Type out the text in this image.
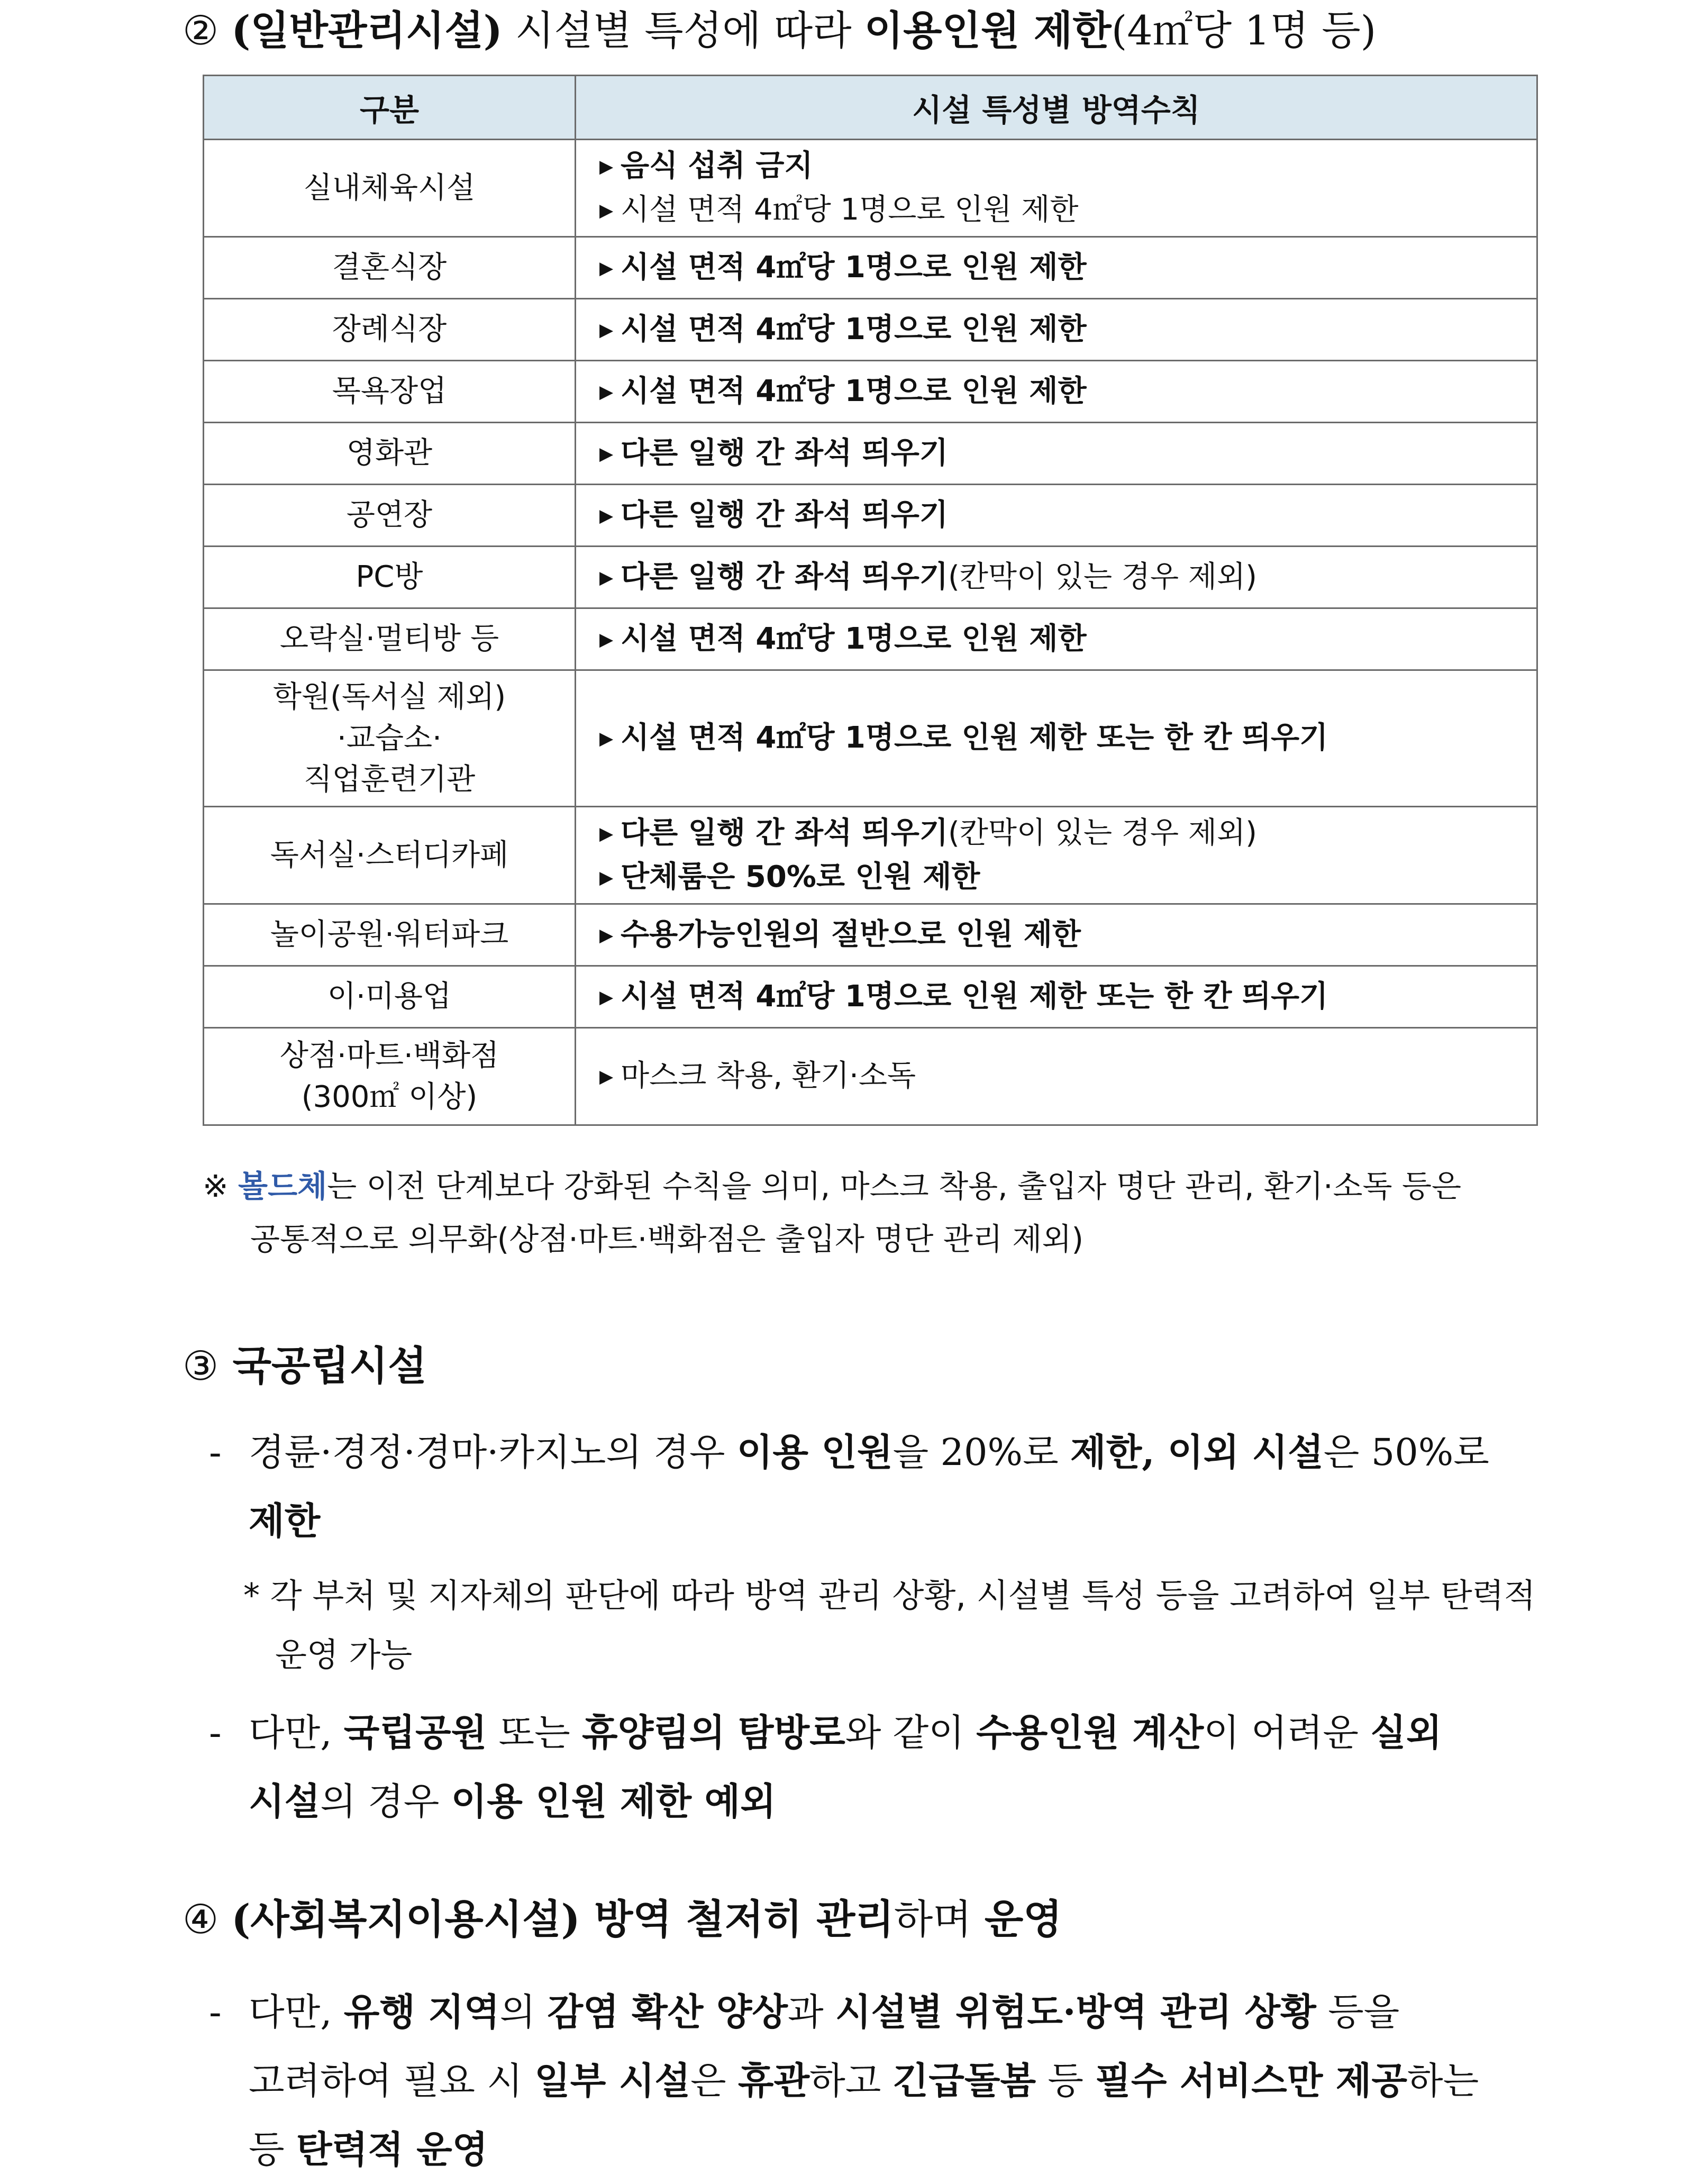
② (일반관리시설) 시설별 특성에 따라 이용인원 제한(4㎡당 1명 등)
구분	시설 특성별 방역수칙
실내체육시설	▶ 음식 섭취 금지
▶ 시설 면적 4㎡당 1명으로 인원 제한

결혼식장	▶ 시설 면적 4㎡당 1명으로 인원 제한
장례식장	▶ 시설 면적 4㎡당 1명으로 인원 제한
목욕장업	▶ 시설 면적 4㎡당 1명으로 인원 제한
영화관	▶ 다른 일행 간 좌석 띄우기
공연장	▶ 다른 일행 간 좌석 띄우기
PC방	▶ 다른 일행 간 좌석 띄우기(칸막이 있는 경우 제외)
오락실·멀티방 등	▶ 시설 면적 4㎡당 1명으로 인원 제한
학원(독서실 제외)
·교습소·
직업훈련기관	▶ 시설 면적 4㎡당 1명으로 인원 제한 또는 한 칸 띄우기
독서실·스터디카페	▶ 다른 일행 간 좌석 띄우기(칸막이 있는 경우 제외)
▶ 단체룸은 50%로 인원 제한

놀이공원·워터파크	▶ 수용가능인원의 절반으로 인원 제한
이·미용업	▶ 시설 면적 4㎡당 1명으로 인원 제한 또는 한 칸 띄우기
상점·마트·백화점
(300㎡ 이상)	▶ 마스크 착용, 환기·소독
※ 볼드체는 이전 단계보다 강화된 수칙을 의미, 마스크 착용, 출입자 명단 관리, 환기·소독 등은
공통적으로 의무화(상점·마트·백화점은 출입자 명단 관리 제외)
③ 국공립시설
- 경륜·경정·경마·카지노의 경우 이용 인원을 20%로 제한, 이외 시설은 50%로
제한
* 각 부처 및 지자체의 판단에 따라 방역 관리 상황, 시설별 특성 등을 고려하여 일부 탄력적
운영 가능
- 다만, 국립공원 또는 휴양림의 탐방로와 같이 수용인원 계산이 어려운 실외
시설의 경우 이용 인원 제한 예외
④ (사회복지이용시설) 방역 철저히 관리하며 운영
- 다만, 유행 지역의 감염 확산 양상과 시설별 위험도·방역 관리 상황 등을
고려하여 필요 시 일부 시설은 휴관하고 긴급돌봄 등 필수 서비스만 제공하는
등 탄력적 운영
